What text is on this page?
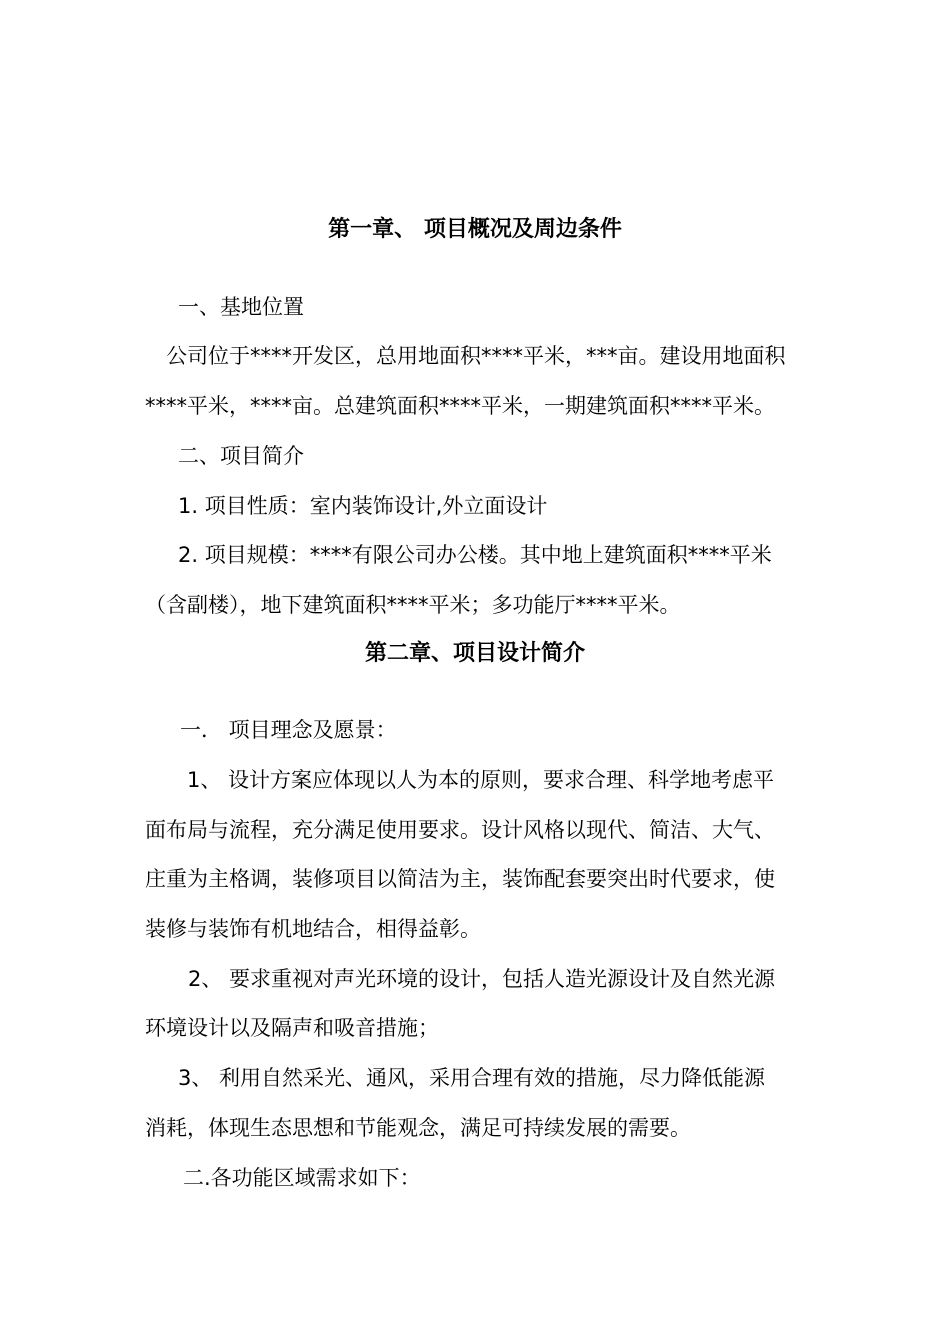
第一章、 项目概况及周边条件
一、基地位置
公司位于****开发区，总用地面积****平米，***亩。建设用地面积
****平米，****亩。总建筑面积****平米，一期建筑面积****平米。
二、项目简介
1. 项目性质：室内装饰设计,外立面设计
2. 项目规模：****有限公司办公楼。其中地上建筑面积****平米
（含副楼），地下建筑面积****平米；多功能厅****平米。
第二章、项目设计简介
一． 项目理念及愿景：
1、 设计方案应体现以人为本的原则，要求合理、科学地考虑平
面布局与流程，充分满足使用要求。设计风格以现代、简洁、大气、
庄重为主格调，装修项目以简洁为主，装饰配套要突出时代要求，使
装修与装饰有机地结合，相得益彰。
2、 要求重视对声光环境的设计，包括人造光源设计及自然光源
环境设计以及隔声和吸音措施；
3、 利用自然采光、通风，采用合理有效的措施，尽力降低能源
消耗，体现生态思想和节能观念，满足可持续发展的需要。
二.各功能区域需求如下：
